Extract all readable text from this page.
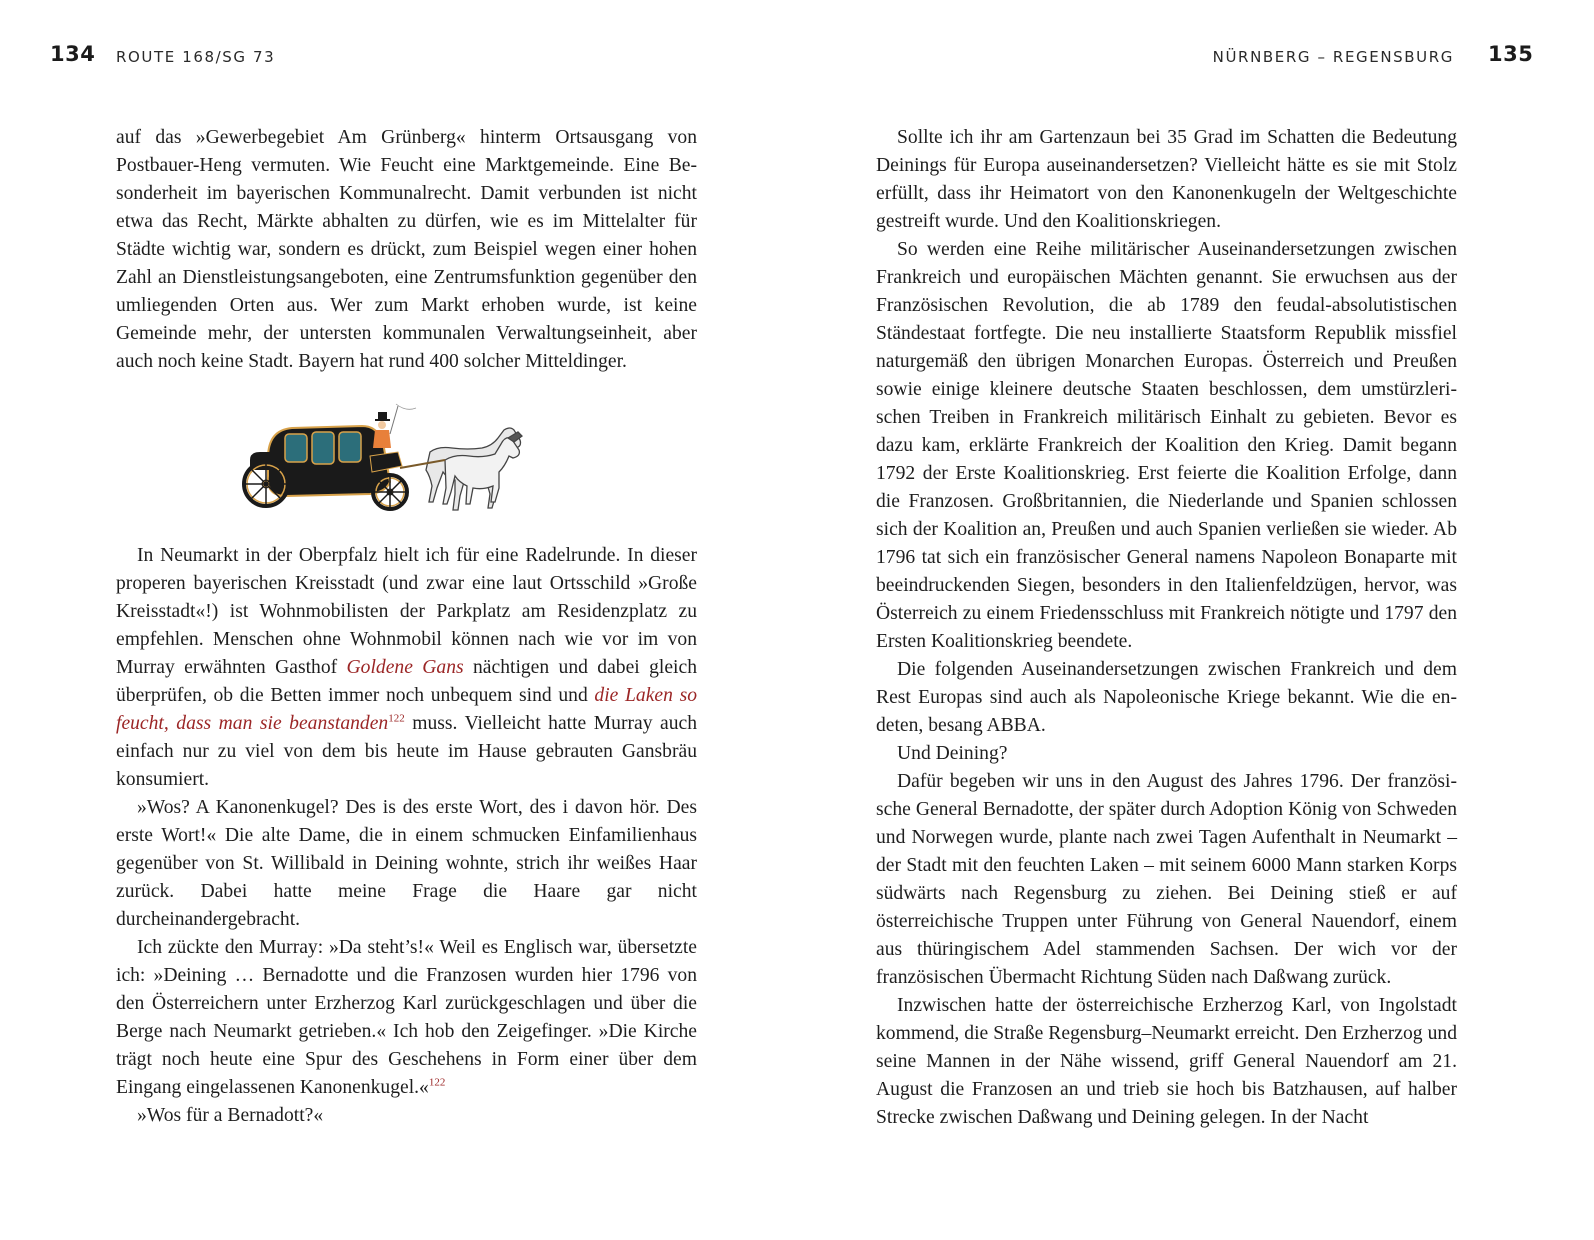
134 ROUTE 168/SG 73

auf das »Gewerbegebiet Am Grünberg« hinterm Ortsausgang von Postbauer-Heng vermuten. Wie Feucht eine Marktgemeinde. Eine Besonderheit im bayerischen Kommunalrecht. Damit verbunden ist nicht etwa das Recht, Märkte abhalten zu dürfen, wie es im Mittelalter für Städte wichtig war, sondern es drückt, zum Beispiel wegen einer hohen Zahl an Dienstleistungsangeboten, eine Zentrumsfunktion gegenüber den umliegenden Orten aus. Wer zum Markt erhoben wurde, ist keine Gemeinde mehr, der untersten kommunalen Verwaltungseinheit, aber auch noch keine Stadt. Bayern hat rund 400 solcher Mitteldinger.

In Neumarkt in der Oberpfalz hielt ich für eine Radelrunde. In dieser properen bayerischen Kreisstadt (und zwar eine laut Ortsschild »Große Kreisstadt«!) ist Wohnmobilisten der Parkplatz am Residenzplatz zu empfehlen. Menschen ohne Wohnmobil können nach wie vor im von Murray erwähnten Gasthof Goldene Gans nächtigen und dabei gleich überprüfen, ob die Betten immer noch unbequem sind und die Laken so feucht, dass man sie beanstanden$^{122}$ muss. Vielleicht hatte Murray auch einfach nur zu viel von dem bis heute im Hause gebrauten Gansbräu konsumiert.

»Wos? A Kanonenkugel? Des is des erste Wort, des i davon hör. Des erste Wort!« Die alte Dame, die in einem schmucken Einfamilienhaus gegenüber von St. Willibald in Deining wohnte, strich ihr weißes Haar zurück. Dabei hatte meine Frage die Haare gar nicht durcheinandergebracht.

Ich zückte den Murray: »Da steht’s!« Weil es Englisch war, übersetzte ich: »Deining … Bernadotte und die Franzosen wurden hier 1796 von den Österreichern unter Erzherzog Karl zurückgeschlagen und über die Berge nach Neumarkt getrieben.« Ich hob den Zeigefinger. »Die Kirche trägt noch heute eine Spur des Geschehens in Form einer über dem Eingang eingelassenen Kanonenkugel.«$^{122}$

»Wos für a Bernadott?«

NÜRNBERG – REGENSBURG 135

Sollte ich ihr am Gartenzaun bei 35 Grad im Schatten die Bedeutung Deinings für Europa auseinandersetzen? Vielleicht hätte es sie mit Stolz erfüllt, dass ihr Heimatort von den Kanonenkugeln der Weltgeschichte gestreift wurde. Und den Koalitionskriegen.

So werden eine Reihe militärischer Auseinandersetzungen zwischen Frankreich und europäischen Mächten genannt. Sie erwuchsen aus der Französischen Revolution, die ab 1789 den feudal-absolutistischen Ständestaat fortfegte. Die neu installierte Staatsform Republik missfiel naturgemäß den übrigen Monarchen Europas. Österreich und Preußen sowie einige kleinere deutsche Staaten beschlossen, dem umstürzlerischen Treiben in Frankreich militärisch Einhalt zu gebieten. Bevor es dazu kam, erklärte Frankreich der Koalition den Krieg. Damit begann 1792 der Erste Koalitionskrieg. Erst feierte die Koalition Erfolge, dann die Franzosen. Großbritannien, die Niederlande und Spanien schlossen sich der Koalition an, Preußen und auch Spanien verließen sie wieder. Ab 1796 tat sich ein französischer General namens Napoleon Bonaparte mit beeindruckenden Siegen, besonders in den Italienfeldzügen, hervor, was Österreich zu einem Friedensschluss mit Frankreich nötigte und 1797 den Ersten Koalitionskrieg beendete.

Die folgenden Auseinandersetzungen zwischen Frankreich und dem Rest Europas sind auch als Napoleonische Kriege bekannt. Wie die endeten, besang ABBA.

Und Deining?

Dafür begeben wir uns in den August des Jahres 1796. Der französische General Bernadotte, der später durch Adoption König von Schweden und Norwegen wurde, plante nach zwei Tagen Aufenthalt in Neumarkt – der Stadt mit den feuchten Laken – mit seinem 6000 Mann starken Korps südwärts nach Regensburg zu ziehen. Bei Deining stieß er auf österreichische Truppen unter Führung von General Nauendorf, einem aus thüringischem Adel stammenden Sachsen. Der wich vor der französischen Übermacht Richtung Süden nach Daßwang zurück.

Inzwischen hatte der österreichische Erzherzog Karl, von Ingolstadt kommend, die Straße Regensburg–Neumarkt erreicht. Den Erzherzog und seine Mannen in der Nähe wissend, griff General Nauendorf am 21. August die Franzosen an und trieb sie hoch bis Batzhausen, auf halber Strecke zwischen Daßwang und Deining gelegen. In der Nacht
